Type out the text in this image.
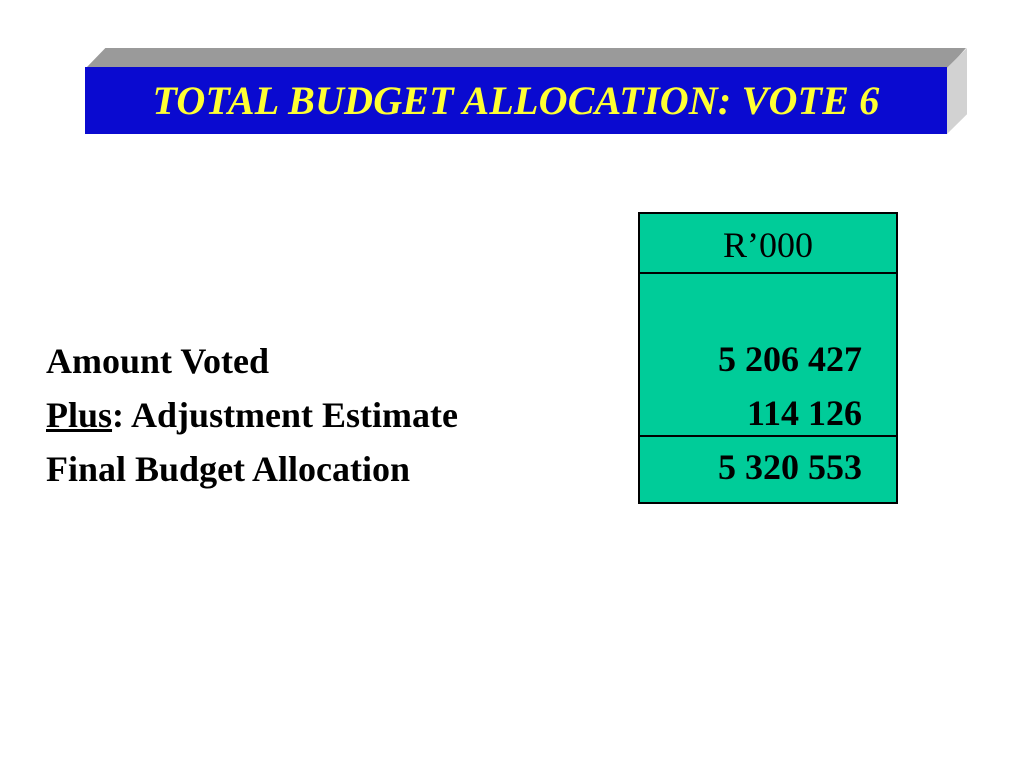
TOTAL BUDGET ALLOCATION: VOTE 6
Amount Voted
Plus: Adjustment Estimate
Final Budget Allocation
R’000
5 206 427
114 126
5 320 553
